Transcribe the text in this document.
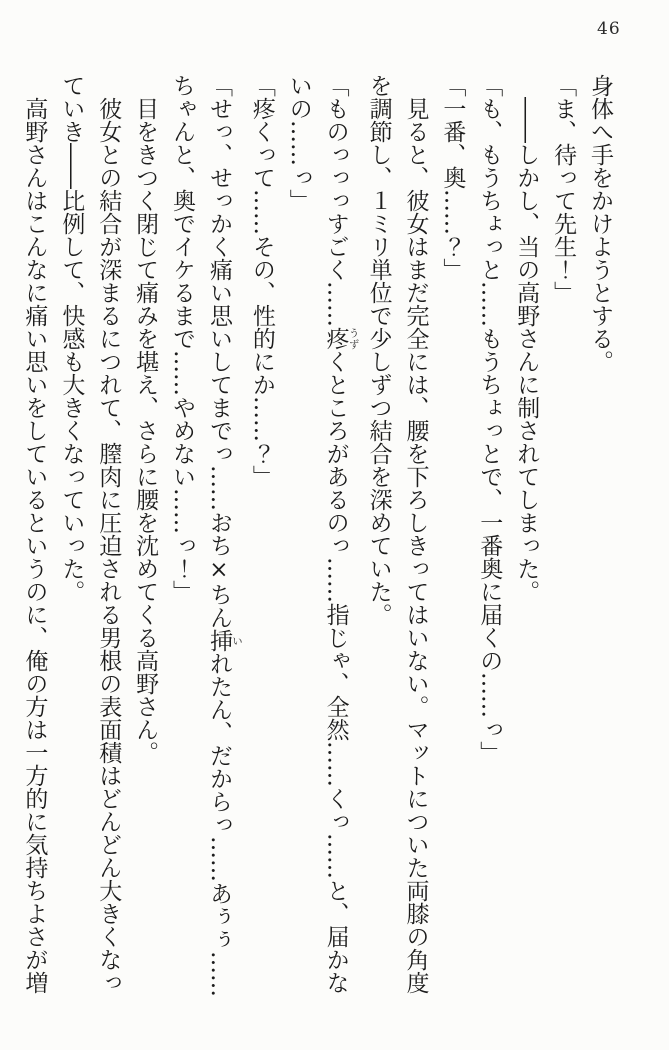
46
身体へ手をかけようとする。
「ま、待って先生！」
　――しかし、当の高野さんに制されてしまった。
「も、もうちょっと……もうちょっとで、一番奥に届くの……っ」
「一番、奥……？」
　見ると、彼女はまだ完全には、腰を下ろしきってはいない。マットについた両膝の角度
を調節し、１ミリ単位で少しずつ結合を深めていた。
「ものっっっすごく……疼 うずくところがあるのっ……指じゃ、全然……くっ……と、届かな
いの……っ」
「疼くって……その、性的にか……？」
「せっ、せっかく痛い思いしてまでっ……おち×ちん挿 いれたん、だからっ……あぅぅ……
ちゃんと、奥でイケるまで……やめない……っ！」
　目をきつく閉じて痛みを堪え、さらに腰を沈めてくる高野さん。
　彼女との結合が深まるにつれて、膣肉に圧迫される男根の表面積はどんどん大きくなっ
ていき――比例して、快感も大きくなっていった。
　高野さんはこんなに痛い思いをしているというのに、俺の方は一方的に気持ちよさが増
